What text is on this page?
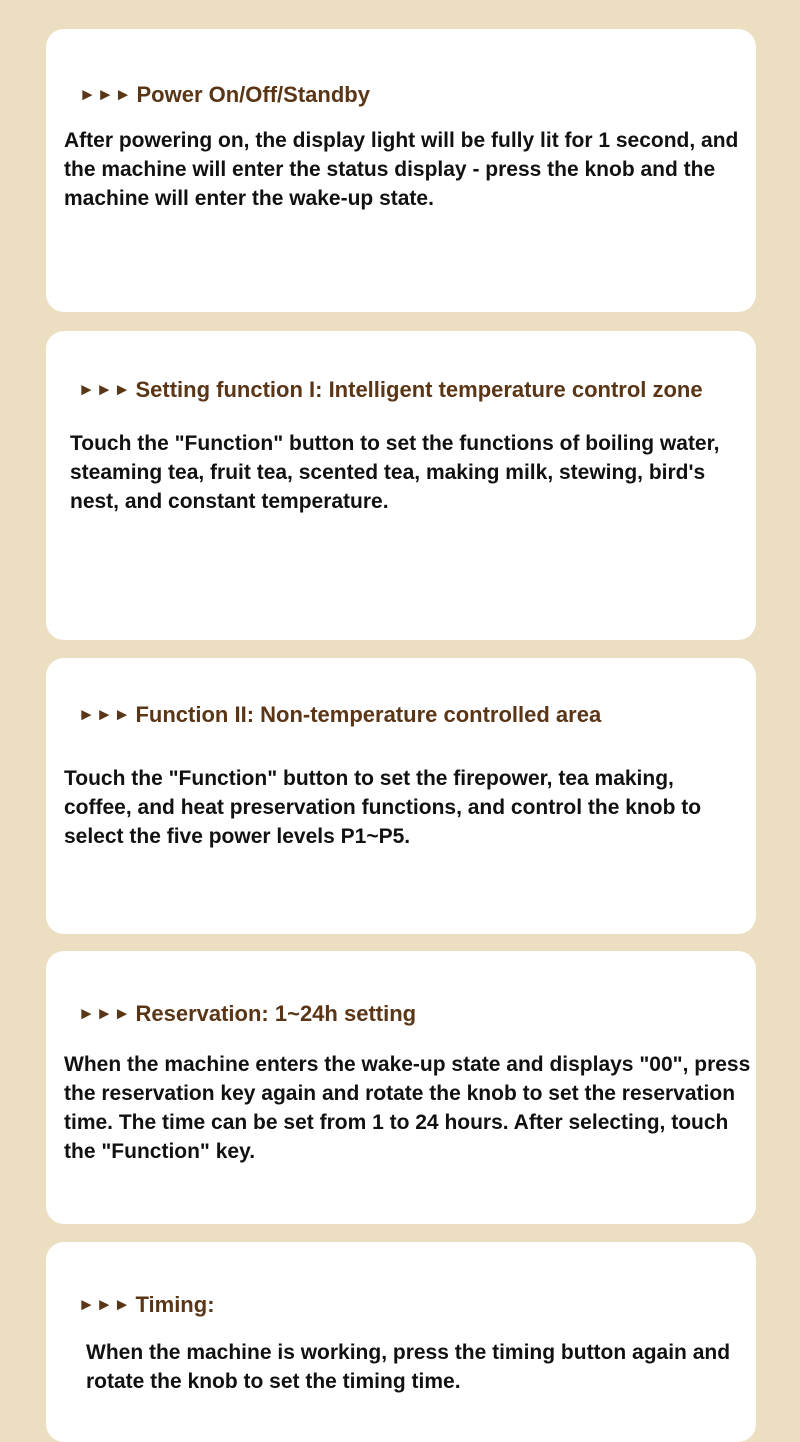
►►► Power On/Off/Standby
After powering on, the display light will be fully lit for 1 second, and the machine will enter the status display - press the knob and the machine will enter the wake-up state.
►►► Setting function I: Intelligent temperature control zone
Touch the "Function" button to set the functions of boiling water, steaming tea, fruit tea, scented tea, making milk, stewing, bird's nest, and constant temperature.
►►► Function II: Non-temperature controlled area
Touch the "Function" button to set the firepower, tea making, coffee, and heat preservation functions, and control the knob to select the five power levels P1~P5.
►►► Reservation: 1~24h setting
When the machine enters the wake-up state and displays "00", press the reservation key again and rotate the knob to set the reservation time. The time can be set from 1 to 24 hours. After selecting, touch the "Function" key.
►►► Timing:
When the machine is working, press the timing button again and rotate the knob to set the timing time.
